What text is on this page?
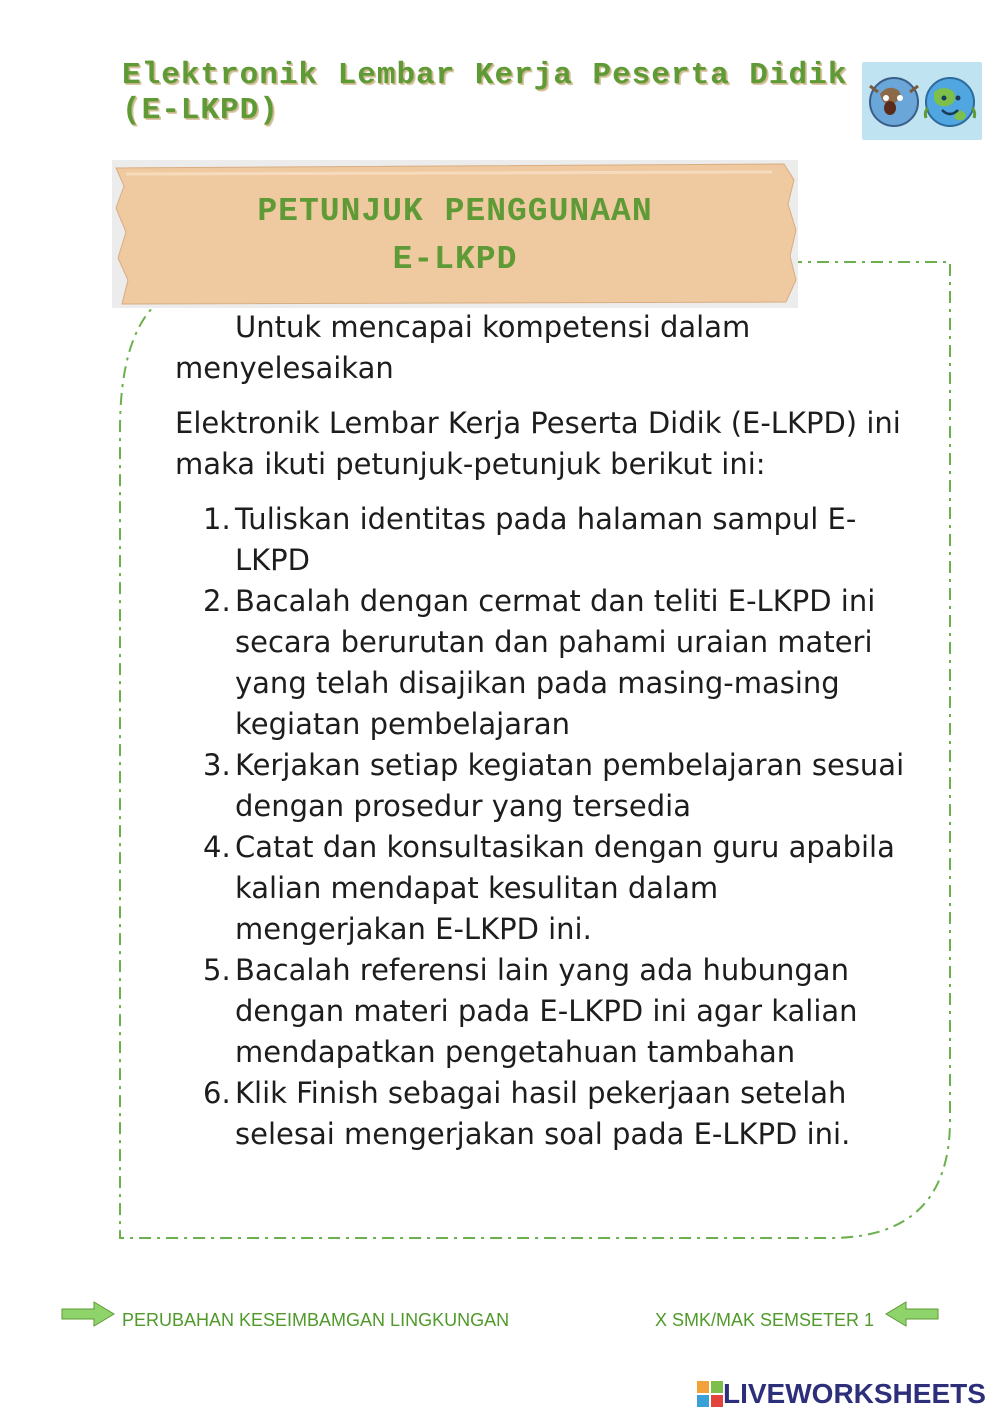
Elektronik Lembar Kerja Peserta Didik
(E-LKPD)
PETUNJUK PENGGUNAAN
E-LKPD

Untuk mencapai kompetensi dalam menyelesaikan

Elektronik Lembar Kerja Peserta Didik (E-LKPD) ini maka ikuti petunjuk-petunjuk berikut ini:

1. Tuliskan identitas pada halaman sampul E-LKPD
2. Bacalah dengan cermat dan teliti E-LKPD ini secara berurutan dan pahami uraian materi yang telah disajikan pada masing-masing kegiatan pembelajaran
3. Kerjakan setiap kegiatan pembelajaran sesuai dengan prosedur yang tersedia
4. Catat dan konsultasikan dengan guru apabila kalian mendapat kesulitan dalam mengerjakan E-LKPD ini.
5. Bacalah referensi lain yang ada hubungan dengan materi pada E-LKPD ini agar kalian mendapatkan pengetahuan tambahan
6. Klik Finish sebagai hasil pekerjaan setelah selesai mengerjakan soal pada E-LKPD ini.
PERUBAHAN KESEIMBAMGAN LINGKUNGAN	X SMK/MAK SEMSETER 1
LIVEWORKSHEETS
